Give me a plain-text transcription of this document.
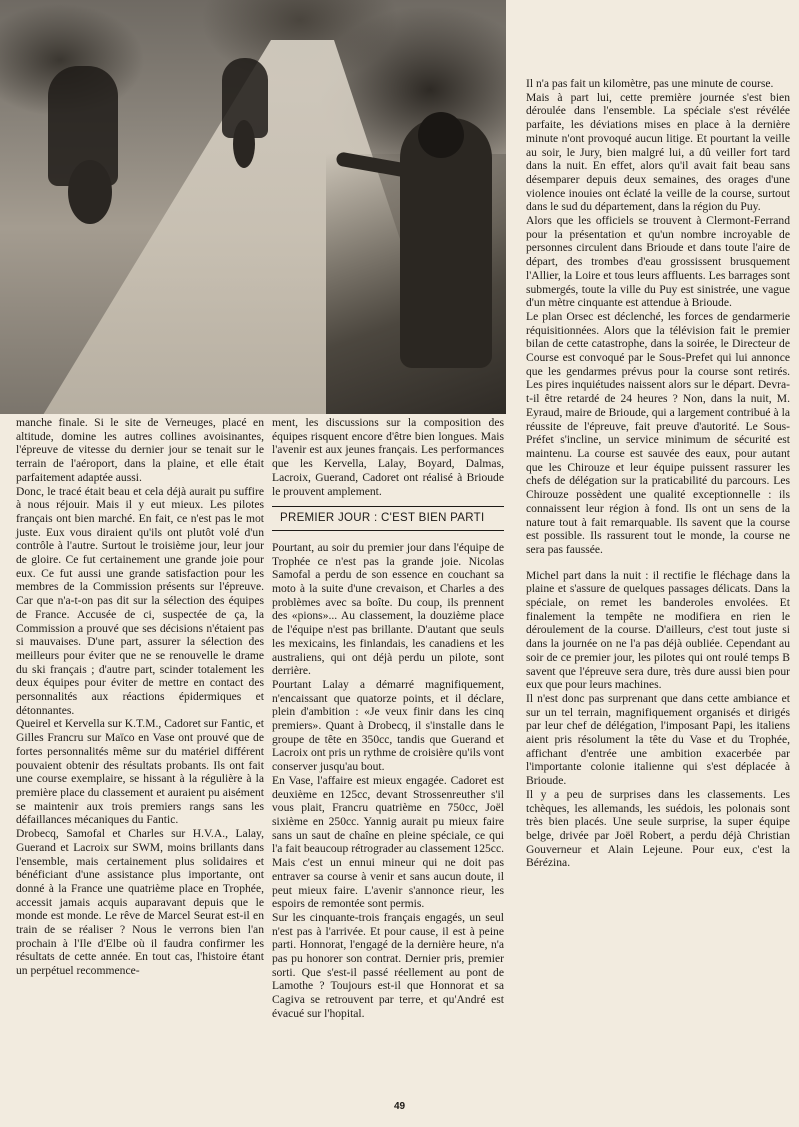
manche finale. Si le site de Verneuges, placé en altitude, domine les autres collines avoisinantes, l'épreuve de vitesse du dernier jour se tenait sur le terrain de l'aéroport, dans la plaine, et elle était parfaitement adaptée aussi.

Donc, le tracé était beau et cela déjà aurait pu suffire à nous réjouir. Mais il y eut mieux. Les pilotes français ont bien marché. En fait, ce n'est pas le mot juste. Eux vous diraient qu'ils ont plutôt volé d'un contrôle à l'autre. Surtout le troisième jour, leur jour de gloire. Ce fut certainement une grande joie pour eux. Ce fut aussi une grande satisfaction pour les membres de la Commission présents sur l'épreuve. Car que n'a-t-on pas dit sur la sélection des équipes de France. Accusée de ci, suspectée de ça, la Commission a prouvé que ses décisions n'étaient pas si mauvaises. D'une part, assurer la sélection des meilleurs pour éviter que ne se renouvelle le drame du ski français ; d'autre part, scinder totalement les deux équipes pour éviter de mettre en contact des personnalités aux réactions épidermiques et détonnantes.

Queirel et Kervella sur K.T.M., Cadoret sur Fantic, et Gilles Francru sur Maïco en Vase ont prouvé que de fortes personnalités même sur du matériel différent pouvaient obtenir des résultats probants. Ils ont fait une course exemplaire, se hissant à la régulière à la première place du classement et auraient pu aisément se maintenir aux trois premiers rangs sans les défaillances mécaniques du Fantic.

Drobecq, Samofal et Charles sur H.V.A., Lalay, Guerand et Lacroix sur SWM, moins brillants dans l'ensemble, mais certainement plus solidaires et bénéficiant d'une assistance plus importante, ont donné à la France une quatrième place en Trophée, accessit jamais acquis auparavant depuis que le monde est monde. Le rêve de Marcel Seurat est-il en train de se réaliser ? Nous le verrons bien l'an prochain à l'Ile d'Elbe où il faudra confirmer les résultats de cette année. En tout cas, l'histoire étant un perpétuel recommence-

ment, les discussions sur la composition des équipes risquent encore d'être bien longues. Mais l'avenir est aux jeunes français. Les performances que les Kervella, Lalay, Boyard, Dalmas, Lacroix, Guerand, Cadoret ont réalisé à Brioude le prouvent amplement.

PREMIER JOUR : C'EST BIEN PARTI

Pourtant, au soir du premier jour dans l'équipe de Trophée ce n'est pas la grande joie. Nicolas Samofal a perdu de son essence en couchant sa moto à la suite d'une crevaison, et Charles a des problèmes avec sa boîte. Du coup, ils prennent des «pions»... Au classement, la douzième place de l'équipe n'est pas brillante. D'autant que seuls les mexicains, les finlandais, les canadiens et les australiens, qui ont déjà perdu un pilote, sont derrière.

Pourtant Lalay a démarré magnifiquement, n'encaissant que quatorze points, et il déclare, plein d'ambition : «Je veux finir dans les cinq premiers». Quant à Drobecq, il s'installe dans le groupe de tête en 350cc, tandis que Guerand et Lacroix ont pris un rythme de croisière qu'ils vont conserver jusqu'au bout.

En Vase, l'affaire est mieux engagée. Cadoret est deuxième en 125cc, devant Strossenreuther s'il vous plait, Francru quatrième en 750cc, Joël sixième en 250cc. Yannig aurait pu mieux faire sans un saut de chaîne en pleine spéciale, ce qui l'a fait beaucoup rétrograder au classement 125cc. Mais c'est un ennui mineur qui ne doit pas entraver sa course à venir et sans aucun doute, il peut mieux faire. L'avenir s'annonce rieur, les espoirs de remontée sont permis.

Sur les cinquante-trois français engagés, un seul n'est pas à l'arrivée. Et pour cause, il est à peine parti. Honnorat, l'engagé de la dernière heure, n'a pas pu honorer son contrat. Dernier pris, premier sorti. Que s'est-il passé réellement au pont de Lamothe ? Toujours est-il que Honnorat et sa Cagiva se retrouvent par terre, et qu'André est évacué sur l'hopital.

Il n'a pas fait un kilomètre, pas une minute de course.

Mais à part lui, cette première journée s'est bien déroulée dans l'ensemble. La spéciale s'est révélée parfaite, les déviations mises en place à la dernière minute n'ont provoqué aucun litige. Et pourtant la veille au soir, le Jury, bien malgré lui, a dû veiller fort tard dans la nuit. En effet, alors qu'il avait fait beau sans désemparer depuis deux semaines, des orages d'une violence inouies ont éclaté la veille de la course, surtout dans le sud du département, dans la région du Puy.

Alors que les officiels se trouvent à Clermont-Ferrand pour la présentation et qu'un nombre incroyable de personnes circulent dans Brioude et dans toute l'aire de départ, des trombes d'eau grossissent brusquement l'Allier, la Loire et tous leurs affluents. Les barrages sont submergés, toute la ville du Puy est sinistrée, une vague d'un mètre cinquante est attendue à Brioude.

Le plan Orsec est déclenché, les forces de gendarmerie réquisitionnées. Alors que la télévision fait le premier bilan de cette catastrophe, dans la soirée, le Directeur de Course est convoqué par le Sous-Prefet qui lui annonce que les gendarmes prévus pour la course sont retirés. Les pires inquiétudes naissent alors sur le départ. Devra-t-il être retardé de 24 heures ? Non, dans la nuit, M. Eyraud, maire de Brioude, qui a largement contribué à la réussite de l'épreuve, fait preuve d'autorité. Le Sous-Préfet s'incline, un service minimum de sécurité est maintenu. La course est sauvée des eaux, pour autant que les Chirouze et leur équipe puissent rassurer les chefs de délégation sur la praticabilité du parcours. Les Chirouze possèdent une qualité exceptionnelle : ils connaissent leur région à fond. Ils ont un sens de la nature tout à fait remarquable. Ils savent que la course est possible. Ils rassurent tout le monde, la course ne sera pas faussée.

Michel part dans la nuit : il rectifie le fléchage dans la plaine et s'assure de quelques passages délicats. Dans la spéciale, on remet les banderoles envolées. Et finalement la tempête ne modifiera en rien le déroulement de la course. D'ailleurs, c'est tout juste si dans la journée on ne l'a pas déjà oubliée. Cependant au soir de ce premier jour, les pilotes qui ont roulé temps B savent que l'épreuve sera dure, très dure aussi bien pour eux que pour leurs machines.

Il n'est donc pas surprenant que dans cette ambiance et sur un tel terrain, magnifiquement organisés et dirigés par leur chef de délégation, l'imposant Papi, les italiens aient pris résolument la tête du Vase et du Trophée, affichant d'entrée une ambition exacerbée par l'importante colonie italienne qui s'est déplacée à Brioude.

Il y a peu de surprises dans les classements. Les tchèques, les allemands, les suédois, les polonais sont très bien placés. Une seule surprise, la super équipe belge, drivée par Joël Robert, a perdu déjà Christian Gouverneur et Alain Lejeune. Pour eux, c'est la Bérézina.

49
